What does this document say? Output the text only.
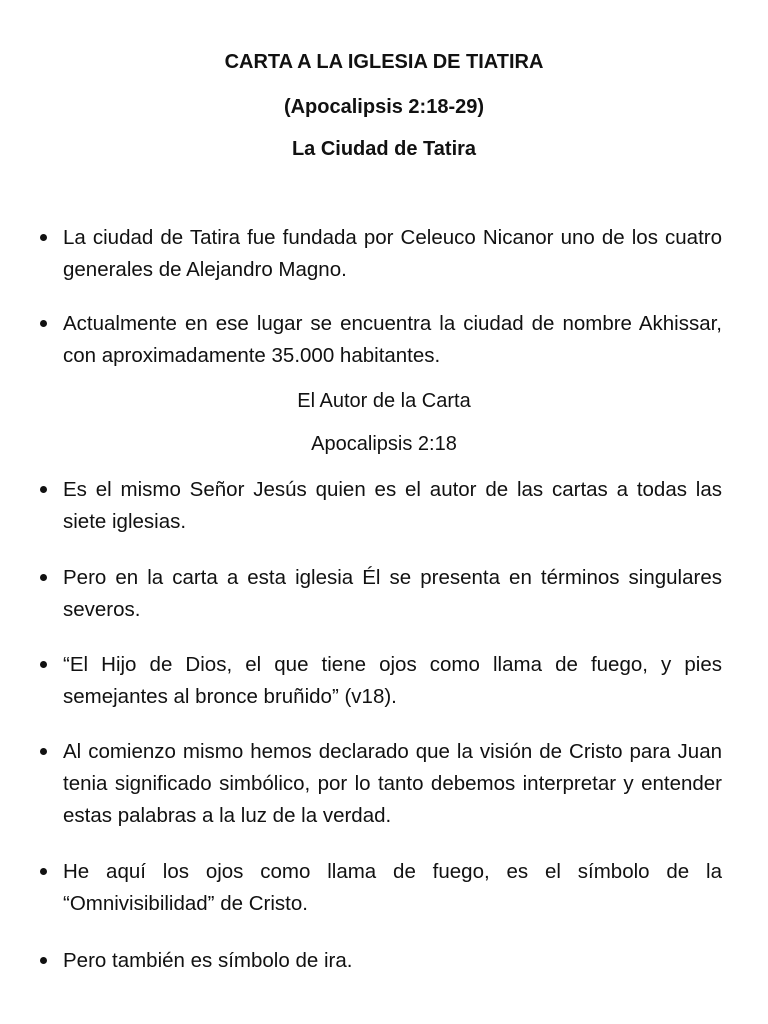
CARTA A LA IGLESIA DE TIATIRA
(Apocalipsis 2:18-29)
La Ciudad de Tatira
La ciudad de Tatira fue fundada por Celeuco Nicanor uno de los cuatro generales de Alejandro Magno.
Actualmente en ese lugar se encuentra la ciudad de nombre Akhissar, con aproximadamente 35.000 habitantes.
El Autor de la Carta
Apocalipsis 2:18
Es el mismo Señor Jesús quien es el autor de las cartas a todas las siete iglesias.
Pero en la carta a esta iglesia Él se presenta en términos singulares severos.
“El Hijo de Dios, el que tiene ojos como llama de fuego, y pies semejantes al bronce bruñido” (v18).
Al comienzo mismo hemos declarado que la visión de Cristo para Juan tenia significado simbólico, por lo tanto debemos interpretar y entender estas palabras a la luz de la verdad.
He aquí los ojos como llama de fuego, es el símbolo de la “Omnivisibilidad” de Cristo.
Pero también es símbolo de ira.
